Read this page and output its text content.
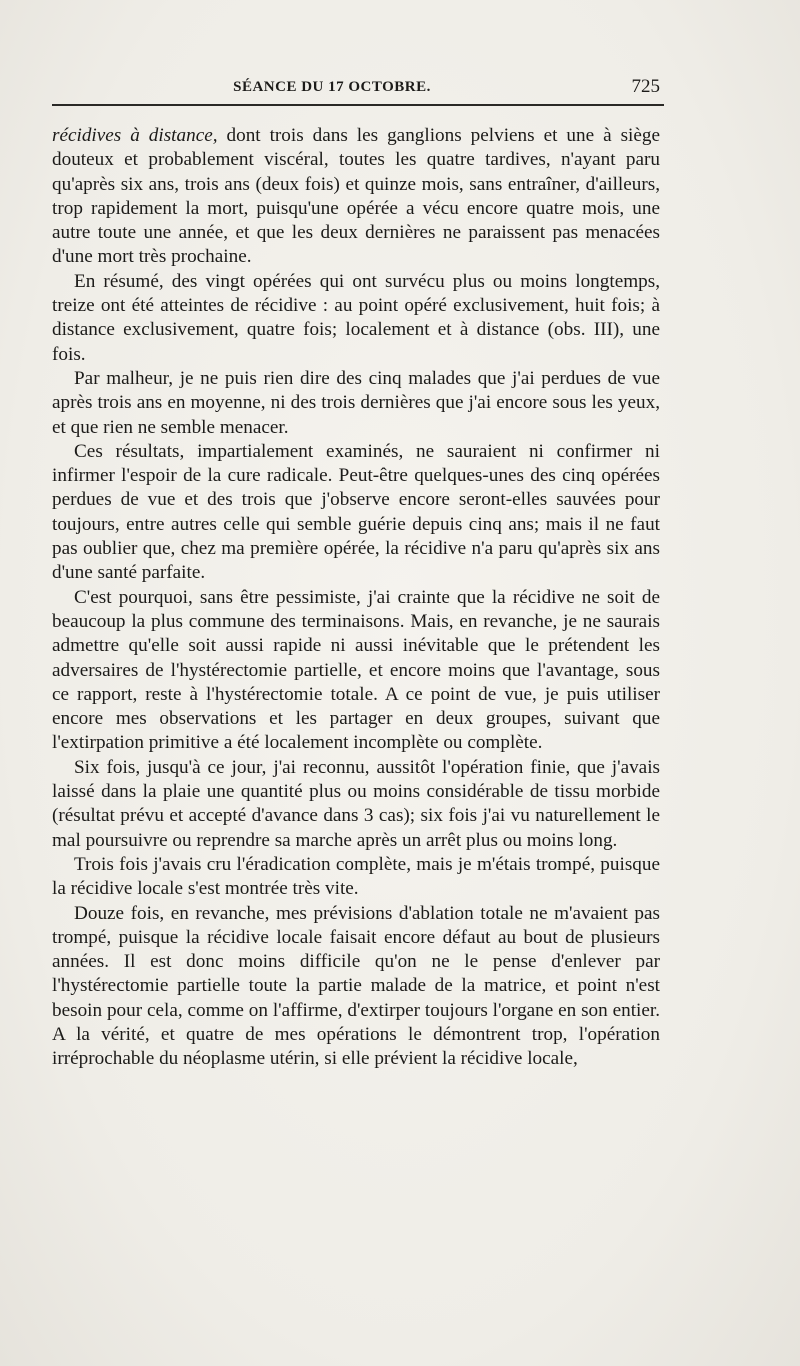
SÉANCE DU 17 OCTOBRE.	725

récidives à distance, dont trois dans les ganglions pelviens et une à siège douteux et probablement viscéral, toutes les quatre tardives, n'ayant paru qu'après six ans, trois ans (deux fois) et quinze mois, sans entraîner, d'ailleurs, trop rapidement la mort, puisqu'une opérée a vécu encore quatre mois, une autre toute une année, et que les deux dernières ne paraissent pas menacées d'une mort très prochaine.

En résumé, des vingt opérées qui ont survécu plus ou moins longtemps, treize ont été atteintes de récidive : au point opéré exclusivement, huit fois; à distance exclusivement, quatre fois; localement et à distance (obs. III), une fois.

Par malheur, je ne puis rien dire des cinq malades que j'ai perdues de vue après trois ans en moyenne, ni des trois dernières que j'ai encore sous les yeux, et que rien ne semble menacer.

Ces résultats, impartialement examinés, ne sauraient ni confirmer ni infirmer l'espoir de la cure radicale. Peut-être quelques-unes des cinq opérées perdues de vue et des trois que j'observe encore seront-elles sauvées pour toujours, entre autres celle qui semble guérie depuis cinq ans; mais il ne faut pas oublier que, chez ma première opérée, la récidive n'a paru qu'après six ans d'une santé parfaite.

C'est pourquoi, sans être pessimiste, j'ai crainte que la récidive ne soit de beaucoup la plus commune des terminaisons. Mais, en revanche, je ne saurais admettre qu'elle soit aussi rapide ni aussi inévitable que le prétendent les adversaires de l'hystérectomie partielle, et encore moins que l'avantage, sous ce rapport, reste à l'hystérectomie totale. A ce point de vue, je puis utiliser encore mes observations et les partager en deux groupes, suivant que l'extirpation primitive a été localement incomplète ou complète.

Six fois, jusqu'à ce jour, j'ai reconnu, aussitôt l'opération finie, que j'avais laissé dans la plaie une quantité plus ou moins considérable de tissu morbide (résultat prévu et accepté d'avance dans 3 cas); six fois j'ai vu naturellement le mal poursuivre ou reprendre sa marche après un arrêt plus ou moins long.

Trois fois j'avais cru l'éradication complète, mais je m'étais trompé, puisque la récidive locale s'est montrée très vite.

Douze fois, en revanche, mes prévisions d'ablation totale ne m'avaient pas trompé, puisque la récidive locale faisait encore défaut au bout de plusieurs années. Il est donc moins difficile qu'on ne le pense d'enlever par l'hystérectomie partielle toute la partie malade de la matrice, et point n'est besoin pour cela, comme on l'affirme, d'extirper toujours l'organe en son entier. A la vérité, et quatre de mes opérations le démontrent trop, l'opération irréprochable du néoplasme utérin, si elle prévient la récidive locale,
